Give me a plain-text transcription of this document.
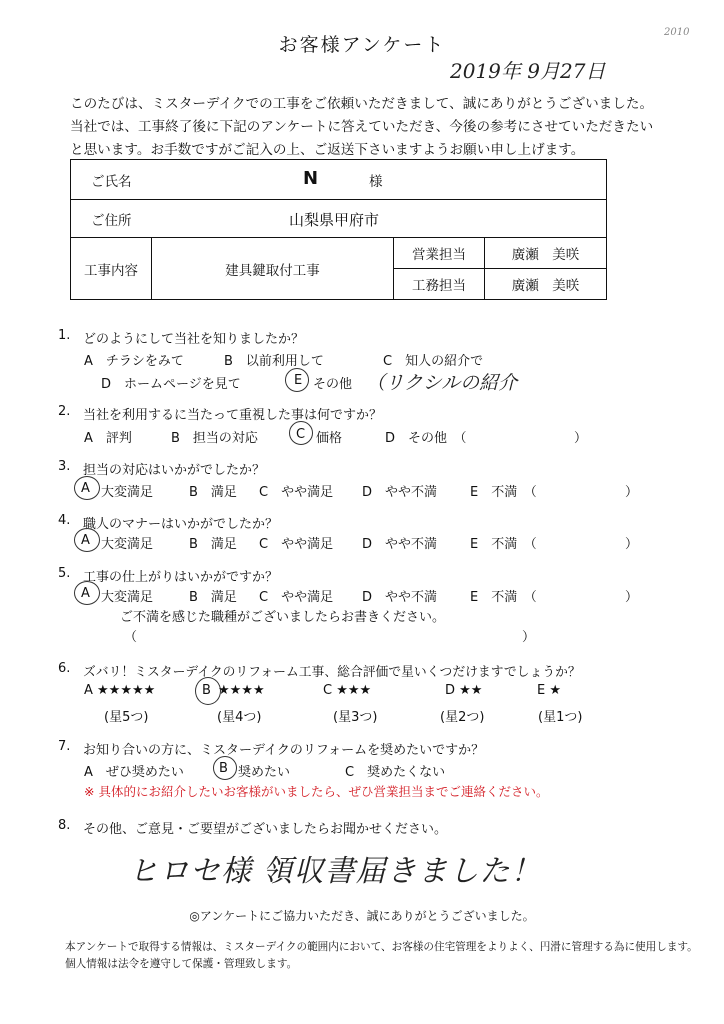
お客様アンケート
2019年 9月27日
2010
このたびは、ミスターデイクでの工事をご依頼いただきまして、誠にありがとうございました。
当社では、工事終了後に下記のアンケートに答えていただき、今後の参考にさせていただきたい
と思います。お手数ですがご記入の上、ご返送下さいますようお願い申し上げます。
ご氏名	N	様

ご住所	山梨県甲府市

工事内容		建具鍵取付工事	営業担当	廣瀬　美咲
工務担当	廣瀬　美咲
1. どのようにして当社を知りましたか？
A　チラシをみて	B　以前利用して	C　知人の紹介で
D　ホームページを見て	E その他 （リクシルの紹介
2. 当社を利用するに当たって重視した事は何ですか？
A　評判	B　担当の対応	C 価格	D　その他　（	）
3. 担当の対応はいかがでしたか？
A 大変満足	B　満足 C　やや満足 D　やや不満	E　不満　（	）
4. 職人のマナーはいかがでしたか？
A 大変満足	B　満足 C　やや満足 D　やや不満	E　不満　（	）
5. 工事の仕上がりはいかがですか？
A 大変満足	B　満足 C　やや満足 D　やや不満	E　不満　（	）
ご不満を感じた職種がございましたらお書きください。
（	）
6. ズバリ！ミスターデイクのリフォーム工事、総合評価で星いくつだけますでしょうか？
A ★★★★★	B ★★★★	C ★★★	D ★★	E ★
(星5つ)	(星4つ)	(星3つ)	(星2つ)	(星1つ)
7. お知り合いの方に、ミスターデイクのリフォームを奨めたいですか？
A　ぜひ奨めたい	B 奨めたい	C　奨めたくない
※ 具体的にお紹介したいお客様がいましたら、ぜひ営業担当までご連絡ください。
8. その他、ご意見・ご要望がございましたらお聞かせください。
ヒロセ様 領収書届きました！
◎アンケートにご協力いただき、誠にありがとうございました。
本アンケートで取得する情報は、ミスターデイクの範囲内において、お客様の住宅管理をよりよく、円滑に管理する為に使用します。
個人情報は法令を遵守して保護・管理致します。
